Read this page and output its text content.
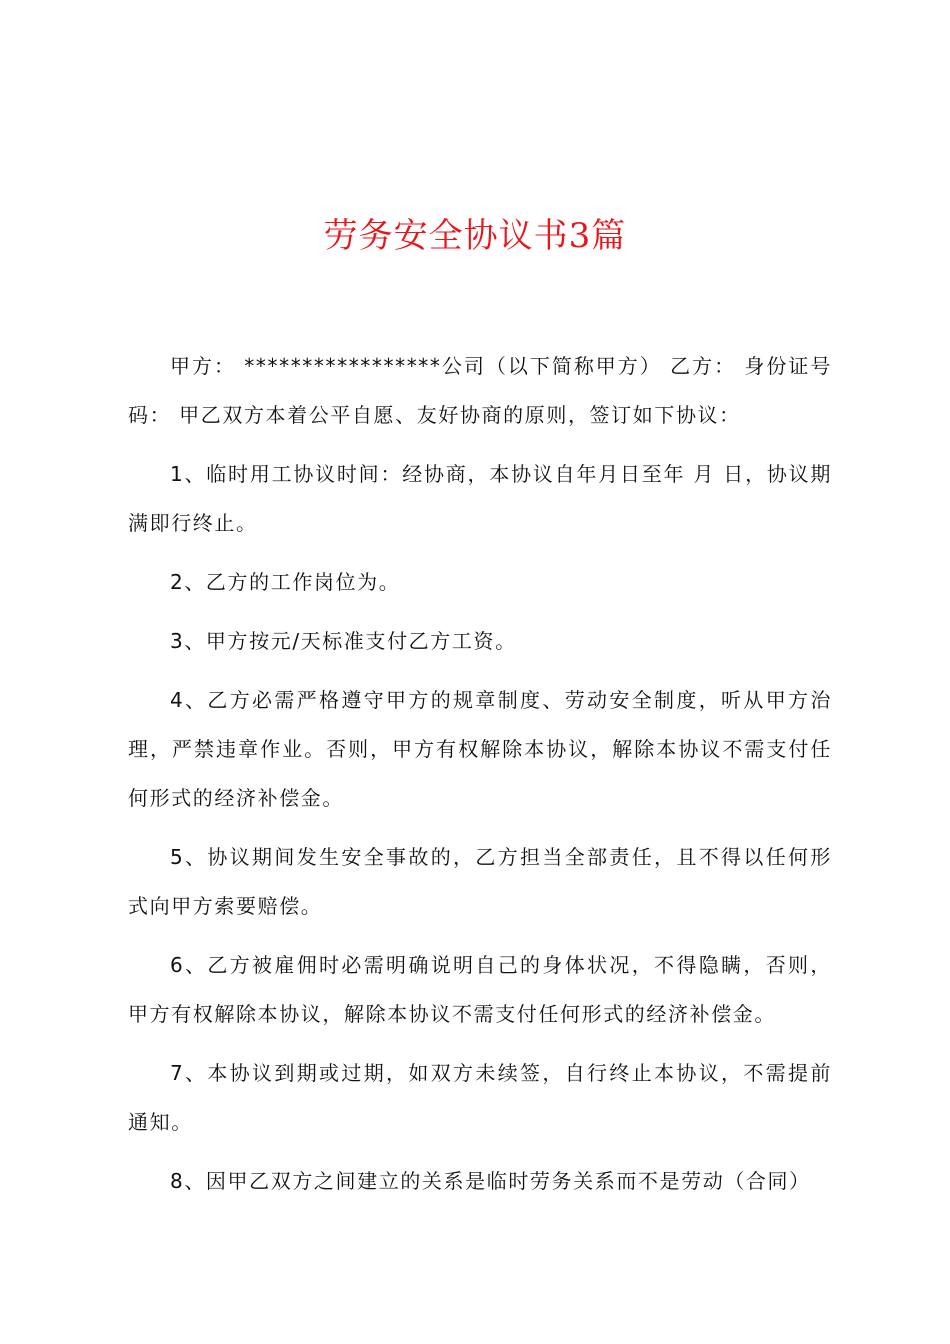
劳务安全协议书3篇

甲方： *****************公司（以下简称甲方） 乙方： 身份证号码： 甲乙双方本着公平自愿、友好协商的原则，签订如下协议：

1、临时用工协议时间：经协商，本协议自年月日至年 月 日，协议期满即行终止。

2、乙方的工作岗位为。

3、甲方按元/天标准支付乙方工资。

4、乙方必需严格遵守甲方的规章制度、劳动安全制度，听从甲方治理，严禁违章作业。否则，甲方有权解除本协议，解除本协议不需支付任何形式的经济补偿金。

5、协议期间发生安全事故的，乙方担当全部责任，且不得以任何形式向甲方索要赔偿。

6、乙方被雇佣时必需明确说明自己的身体状况，不得隐瞒，否则，甲方有权解除本协议，解除本协议不需支付任何形式的经济补偿金。

7、本协议到期或过期，如双方未续签，自行终止本协议，不需提前通知。

8、因甲乙双方之间建立的关系是临时劳务关系而不是劳动（合同）
